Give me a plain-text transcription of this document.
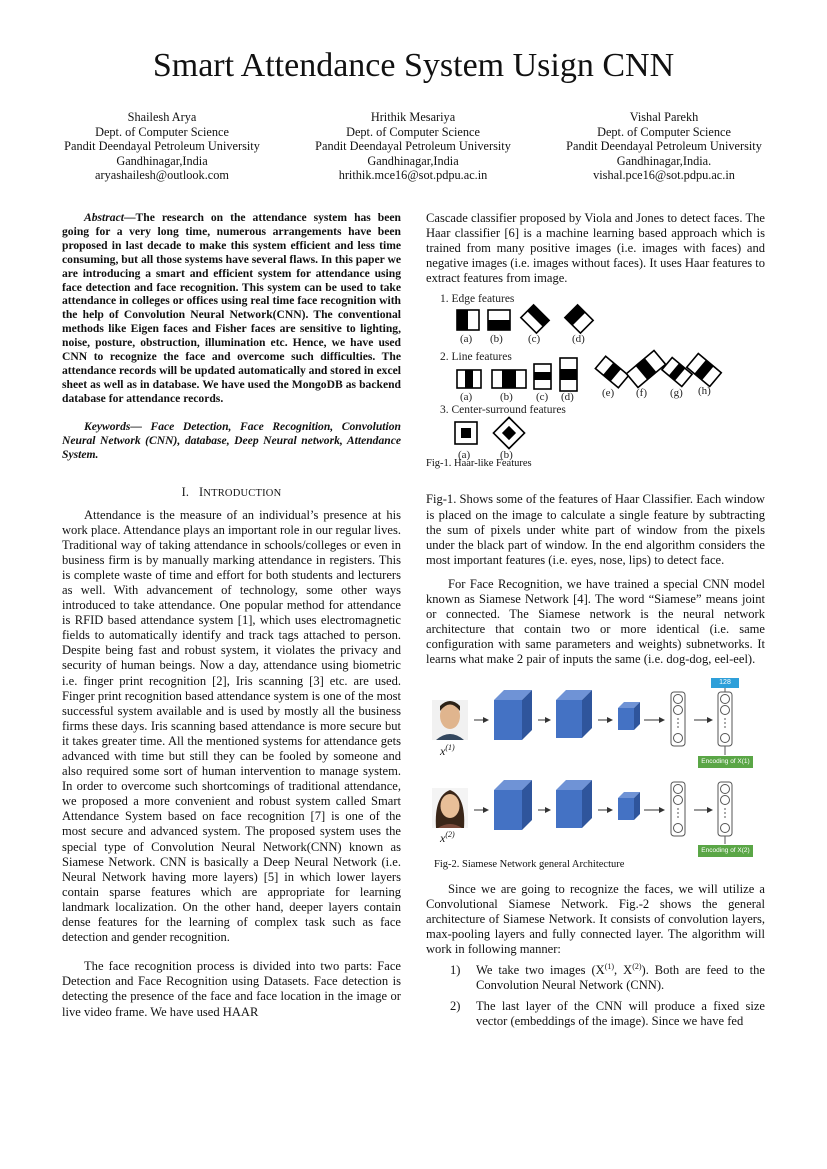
Smart Attendance System Usign CNN
Shailesh Arya
Dept. of Computer Science
Pandit Deendayal Petroleum University
Gandhinagar,India
aryashailesh@outlook.com
Hrithik Mesariya
Dept. of Computer Science
Pandit Deendayal Petroleum University
Gandhinagar,India
hrithik.mce16@sot.pdpu.ac.in
Vishal Parekh
Dept. of Computer Science
Pandit Deendayal Petroleum University
Gandhinagar,India.
vishal.pce16@sot.pdpu.ac.in

Abstract—The research on the attendance system has been going for a very long time, numerous arrangements have been proposed in last decade to make this system efficient and less time consuming, but all those systems have several flaws. In this paper we are introducing a smart and efficient system for attendance using face detection and face recognition. This system can be used to take attendance in colleges or offices using real time face recognition with the help of Convolution Neural Network(CNN). The conventional methods like Eigen faces and Fisher faces are sensitive to lighting, noise, posture, obstruction, illumination etc. Hence, we have used CNN to recognize the face and overcome such difficulties. The attendance records will be updated automatically and stored in excel sheet as well as in database. We have used the MongoDB as backend database for attendance records.

Keywords— Face Detection, Face Recognition, Convolution Neural Network (CNN), database, Deep Neural network, Attendance System.

I. INTRODUCTION

Attendance is the measure of an individual’s presence at his work place. Attendance plays an important role in our regular lives. Traditional way of taking attendance in schools/colleges or even in business firm is by manually marking attendance in registers. This is complete waste of time and effort for both students and lecturers as well. With advancement of technology, some other ways introduced to take attendance. One popular method for attendance is RFID based attendance system [1], which uses electromagnetic fields to automatically identify and track tags attached to person. Despite being fast and robust system, it violates the privacy and security of human beings. Now a day, attendance using biometric i.e. finger print recognition [2], Iris scanning [3] etc. are used. Finger print recognition based attendance system is one of the most successful system available and is used by mostly all the business firms these days. Iris scanning based attendance is more secure but it takes greater time. All the mentioned systems for attendance gets advanced with time but still they can be fooled by someone and also required some sort of human intervention to manage system. In order to overcome such shortcomings of traditional attendance, we proposed a more convenient and robust system called Smart Attendance System based on face recognition [7] is one of the most secure and advanced system. The proposed system uses the special type of Convolution Neural Network(CNN) known as Siamese Network. CNN is basically a Deep Neural Network (i.e. Neural Network having more layers) [5] in which lower layers contain sparse features which are appropriate for learning landmark localization. On the other hand, deeper layers contain dense features for the learning of complex task such as face detection and gender recognition.

The face recognition process is divided into two parts: Face Detection and Face Recognition using Datasets. Face detection is detecting the presence of the face and face location in the image or live video frame. We have used HAAR

Cascade classifier proposed by Viola and Jones to detect faces. The Haar classifier [6] is a machine learning based approach which is trained from many positive images (i.e. images with faces) and negative images (i.e. images without faces). It uses Haar features to extract features from image.

1. Edge features
2. Line features
3. Center-surround features
(a) (b) (c)	(d)
(a)	(b) (c) (d)	(e) (f) (g) (h)
(a)	(b)
Fig-1. Haar-like Features

Fig-1. Shows some of the features of Haar Classifier. Each window is placed on the image to calculate a single feature by subtracting the sum of pixels under white part of window from the pixels under the black part of window. In the end algorithm considers the most important features (i.e. eyes, nose, lips) to detect face.

For Face Recognition, we have trained a special CNN model known as Siamese Network [4]. The word “Siamese” means joint or connected. The Siamese network is the neural network architecture that contain two or more identical (i.e. same configuration with same parameters and weights) subnetworks. It learns what make 2 pair of inputs the same (i.e. dog-dog, eel-eel).

128
Encoding of X(1)
Encoding of X(2)
$x^{(1)}$
$x^{(2)}$
Fig-2. Siamese Network general Architecture

Since we are going to recognize the faces, we will utilize a Convolutional Siamese Network. Fig.-2 shows the general architecture of Siamese Network. It consists of convolution layers, max-pooling layers and fully connected layer. The algorithm will work in following manner:

1) We take two images ($X^{(1)}$, $X^{(2)}$). Both are feed to the Convolution Neural Network (CNN).
2) The last layer of the CNN will produce a fixed size vector (embeddings of the image). Since we have fed
